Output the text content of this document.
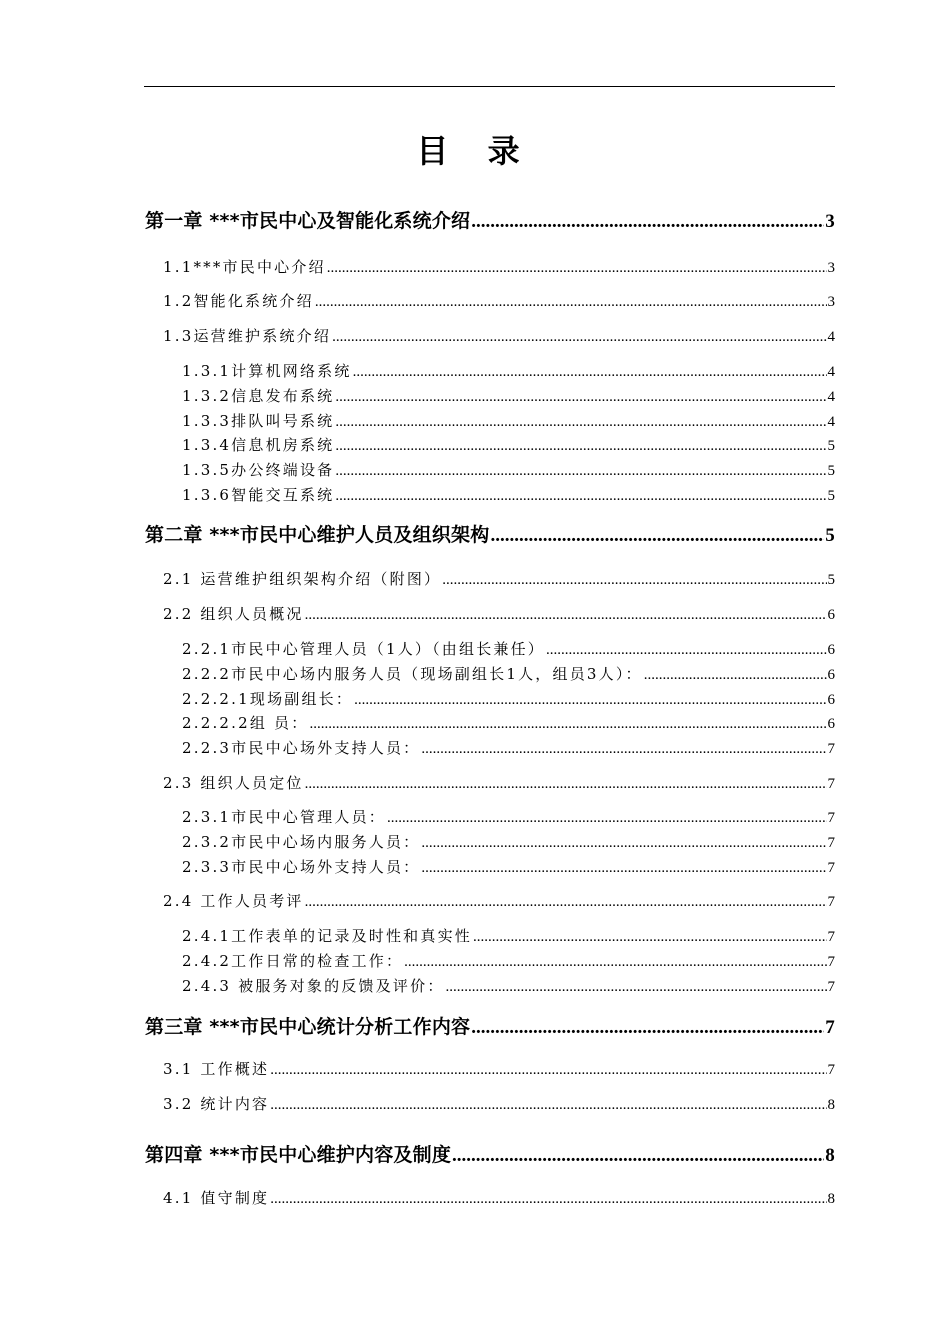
目 录
第一章 ***市民中心及智能化系统介绍 .....	3
1.1***市民中心介绍 .....	3
1.2智能化系统介绍 .....	3
1.3运营维护系统介绍 .....	4
1.3.1计算机网络系统 .....	4
1.3.2信息发布系统 .....	4
1.3.3排队叫号系统 .....	4
1.3.4信息机房系统 .....	5
1.3.5办公终端设备 .....	5
1.3.6智能交互系统 .....	5
第二章 ***市民中心维护人员及组织架构 .....	5
2.1 运营维护组织架构介绍（附图） .....	5
2.2 组织人员概况 .....	6
2.2.1市民中心管理人员（1人）（由组长兼任） .....	6
2.2.2市民中心场内服务人员（现场副组长1人，组员3人）： .....	6
2.2.2.1现场副组长： .....	6
2.2.2.2组 员： .....	6
2.2.3市民中心场外支持人员： .....	7
2.3 组织人员定位 .....	7
2.3.1市民中心管理人员： .....	7
2.3.2市民中心场内服务人员： .....	7
2.3.3市民中心场外支持人员： .....	7
2.4 工作人员考评 .....	7
2.4.1工作表单的记录及时性和真实性 .....	7
2.4.2工作日常的检查工作： .....	7
2.4.3 被服务对象的反馈及评价： .....	7
第三章 ***市民中心统计分析工作内容 .....	7
3.1 工作概述 .....	7
3.2 统计内容 .....	8
第四章 ***市民中心维护内容及制度 .....	8
4.1 值守制度 .....	8
